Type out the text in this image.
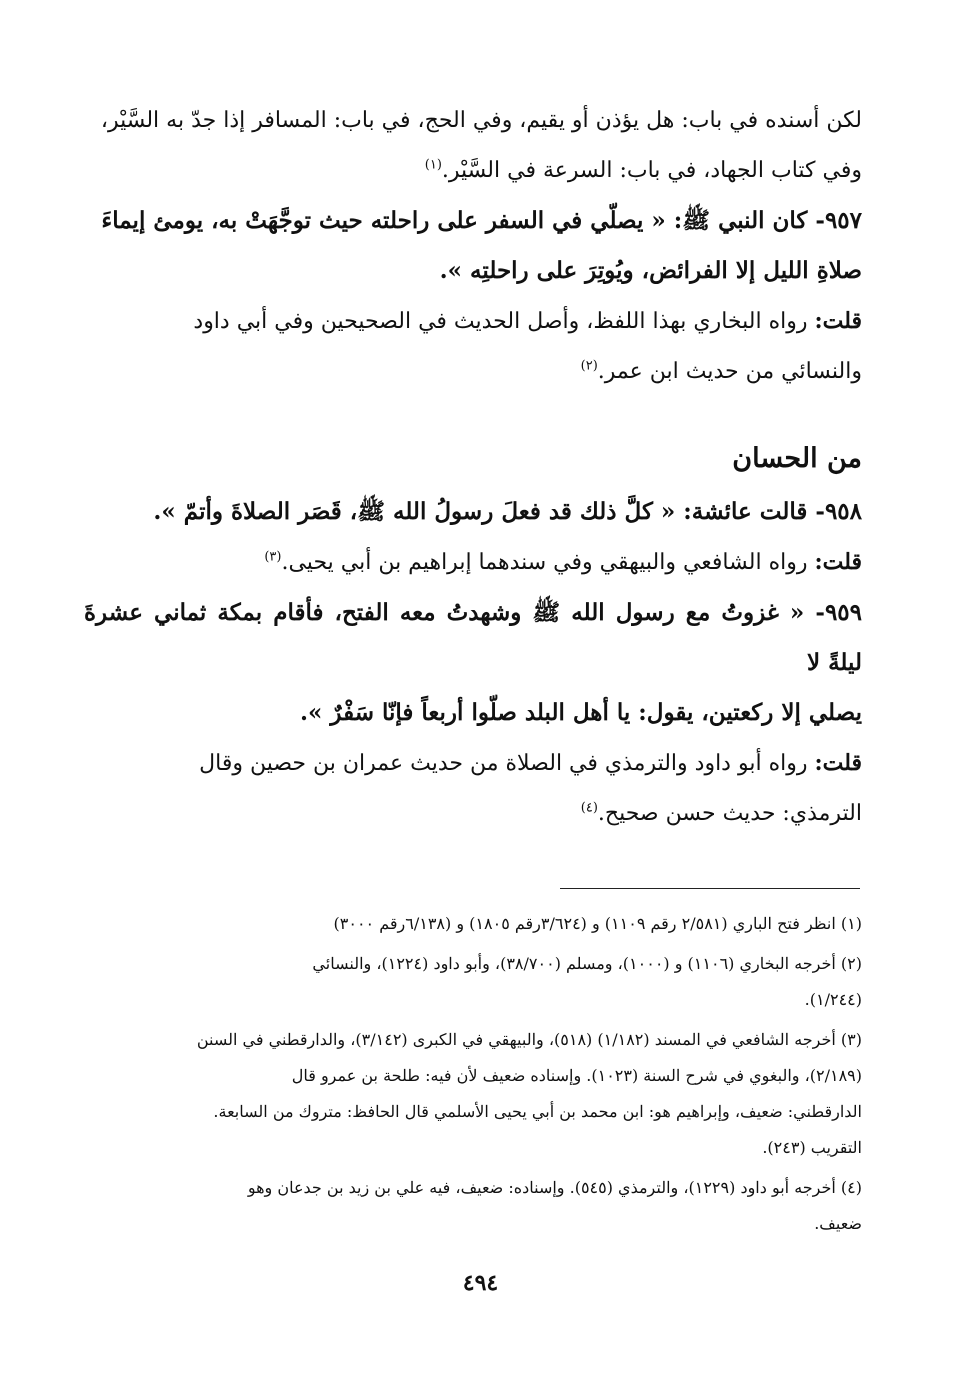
لكن أسنده في باب: هل يؤذن أو يقيم، وفي الحج، في باب: المسافر إذا جدّ به السَّيْر،

وفي كتاب الجهاد، في باب: السرعة في السَّيْر.$^{(١)}$

٩٥٧- كان النبي ﷺ: « يصلّي في السفر على راحلته حيث توجَّهَتْ به، يومئ إيماءَ

صلاةِ الليل إلا الفرائض، ويُوتِرَ على راحلتِه ».

قلت: رواه البخاري بهذا اللفظ، وأصل الحديث في الصحيحين وفي أبي داود

والنسائي من حديث ابن عمر.$^{(٢)}$

من الحسان

٩٥٨- قالت عائشة: « كلَّ ذلك قد فعلَ رسولُ الله ﷺ، قَصَر الصلاةَ وأتمّ ».

قلت: رواه الشافعي والبيهقي وفي سندهما إبراهيم بن أبي يحيى.$^{(٣)}$

٩٥٩- « غزوتُ مع رسول الله ﷺ وشهدتُ معه الفتح، فأقام بمكة ثماني عشرةَ ليلةً لا

يصلي إلا ركعتين، يقول: يا أهل البلد صلّوا أربعاً فإنّا سَفْرٌ ».

قلت: رواه أبو داود والترمذي في الصلاة من حديث عمران بن حصين وقال

الترمذي: حديث حسن صحيح.$^{(٤)}$

(١) انظر فتح الباري (٢/٥٨١ رقم ١١٠٩) و (٣/٦٢٤رقم ١٨٠٥) و (٦/١٣٨رقم ٣٠٠٠)

(٢) أخرجه البخاري (١١٠٦) و (١٠٠٠)، ومسلم (٣٨/٧٠٠)، وأبو داود (١٢٢٤)، والنسائي

(١/٢٤٤).

(٣) أخرجه الشافعي في المسند (١/١٨٢) (٥١٨)، والبيهقي في الكبرى (٣/١٤٢)، والدارقطني في السنن

(٢/١٨٩)، والبغوي في شرح السنة (١٠٢٣). وإسناده ضعيف لأن فيه: طلحة بن عمرو قال

الدارقطني: ضعيف، وإبراهيم هو: ابن محمد بن أبي يحيى الأسلمي قال الحافظ: متروك من السابعة.

التقريب (٢٤٣).

(٤) أخرجه أبو داود (١٢٢٩)، والترمذي (٥٤٥). وإسناده: ضعيف، فيه علي بن زيد بن جدعان وهو

ضعيف.

٤٩٤
